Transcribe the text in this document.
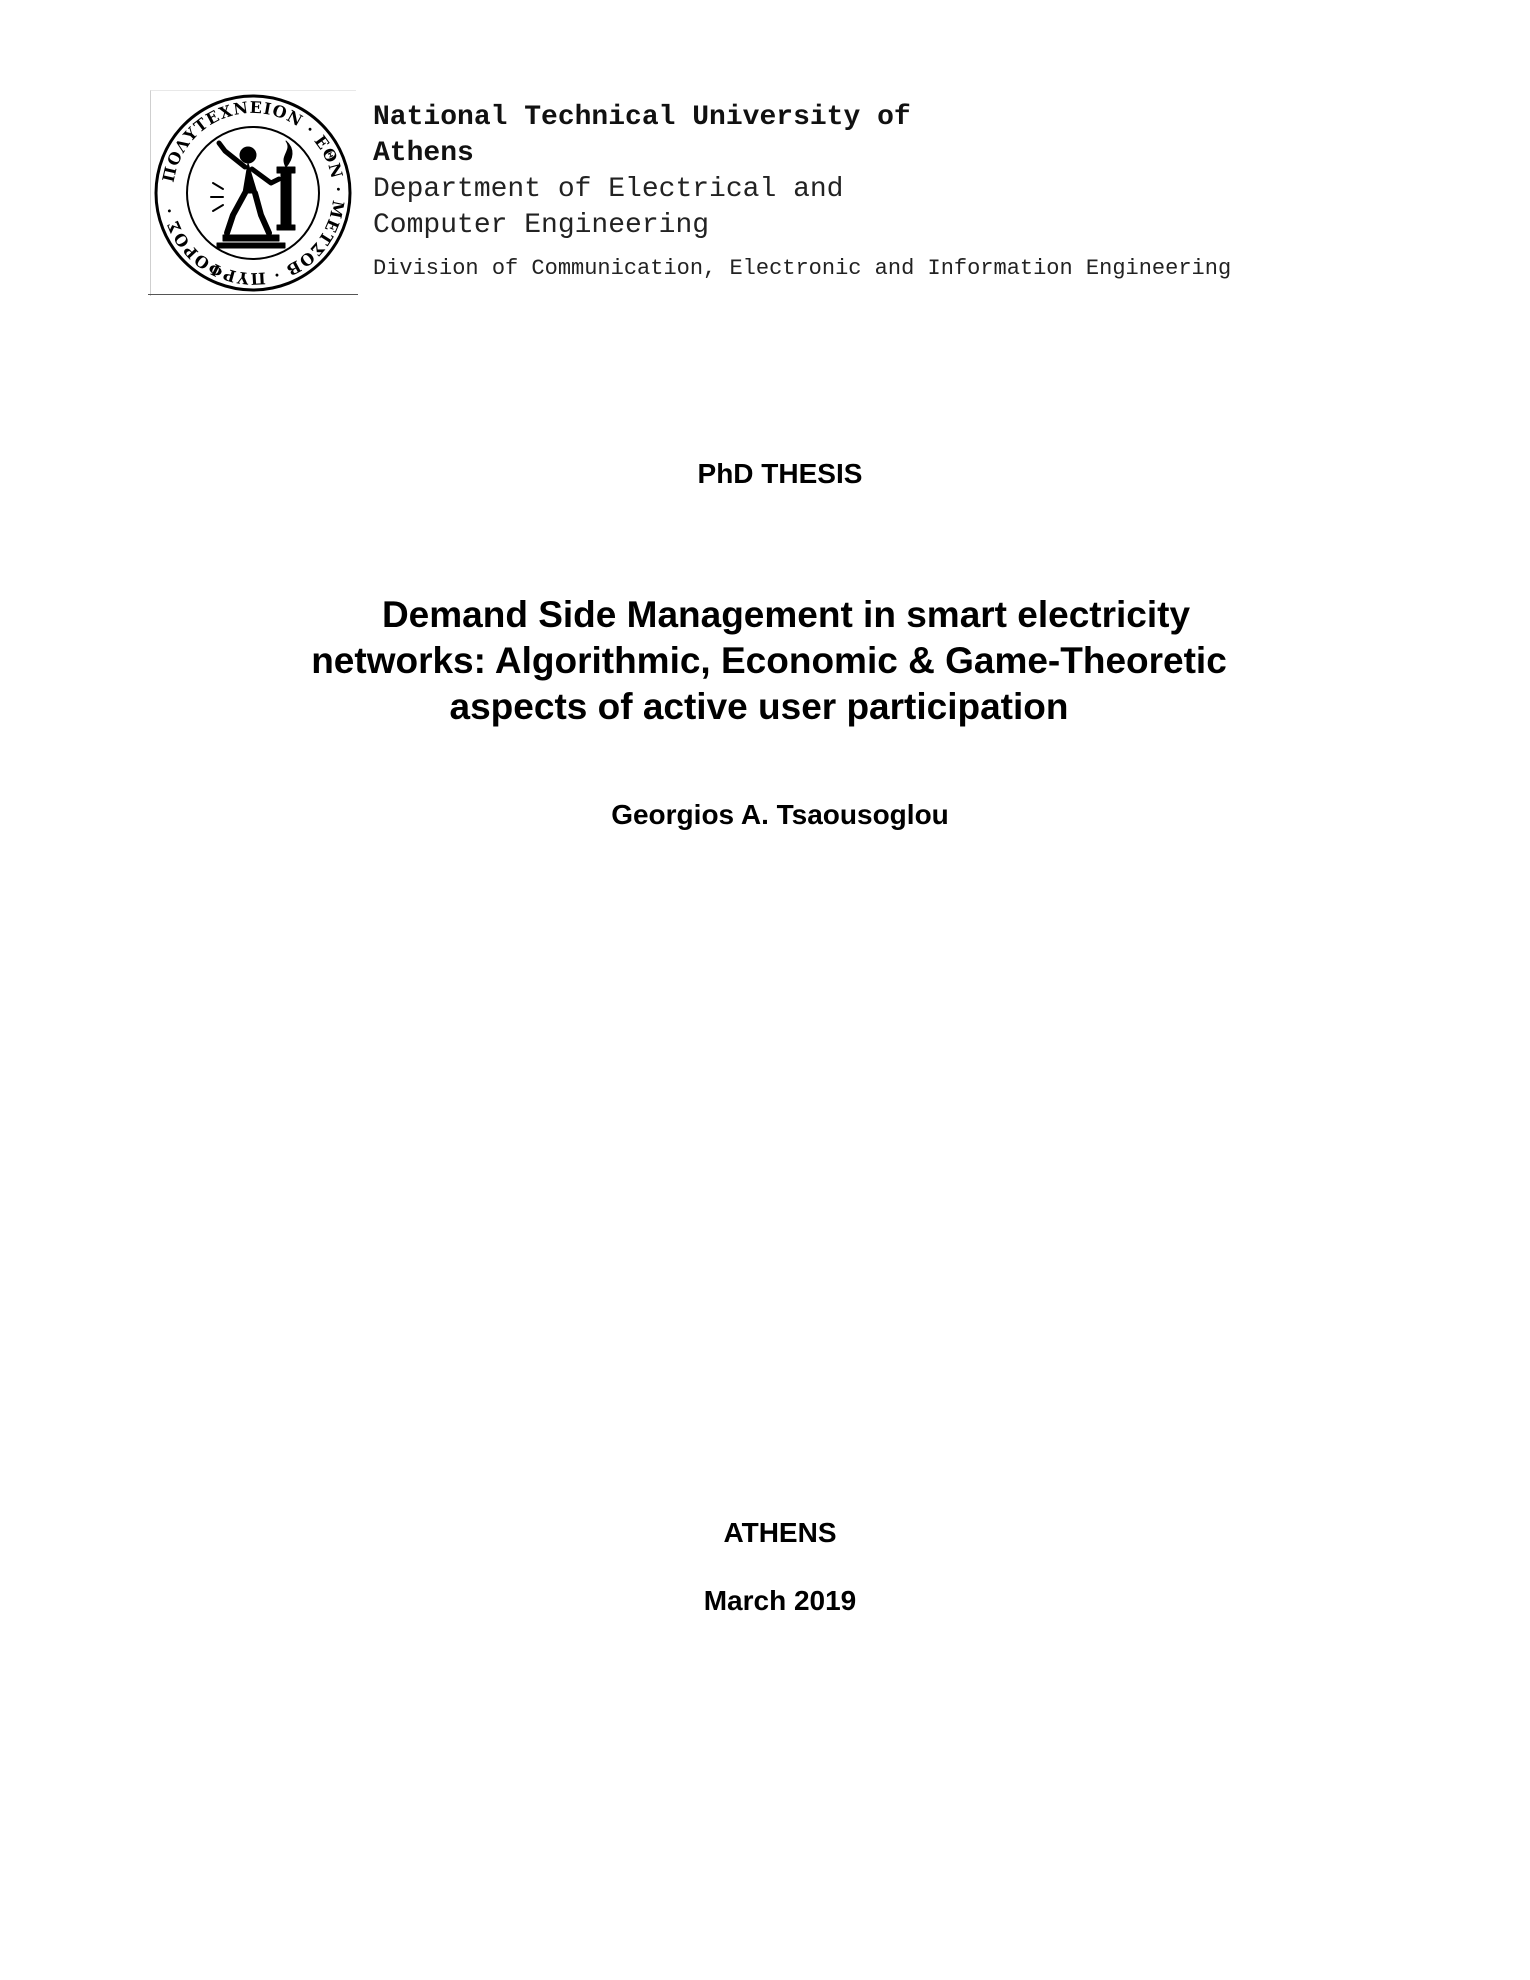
ΠΟΛΥΤΕΧΝΕΙΟΝ · ΕΘΝ · ΜΕΤΣΟΒ · ΠΥΡΦΟΡΟΣ ·
National Technical University of
Athens
Department of Electrical and
Computer Engineering
Division of Communication, Electronic and Information Engineering
PhD THESIS
Demand Side Management in smart electricity
networks: Algorithmic, Economic & Game-Theoretic
aspects of active user participation
Georgios A. Tsaousoglou
ATHENS
March 2019
